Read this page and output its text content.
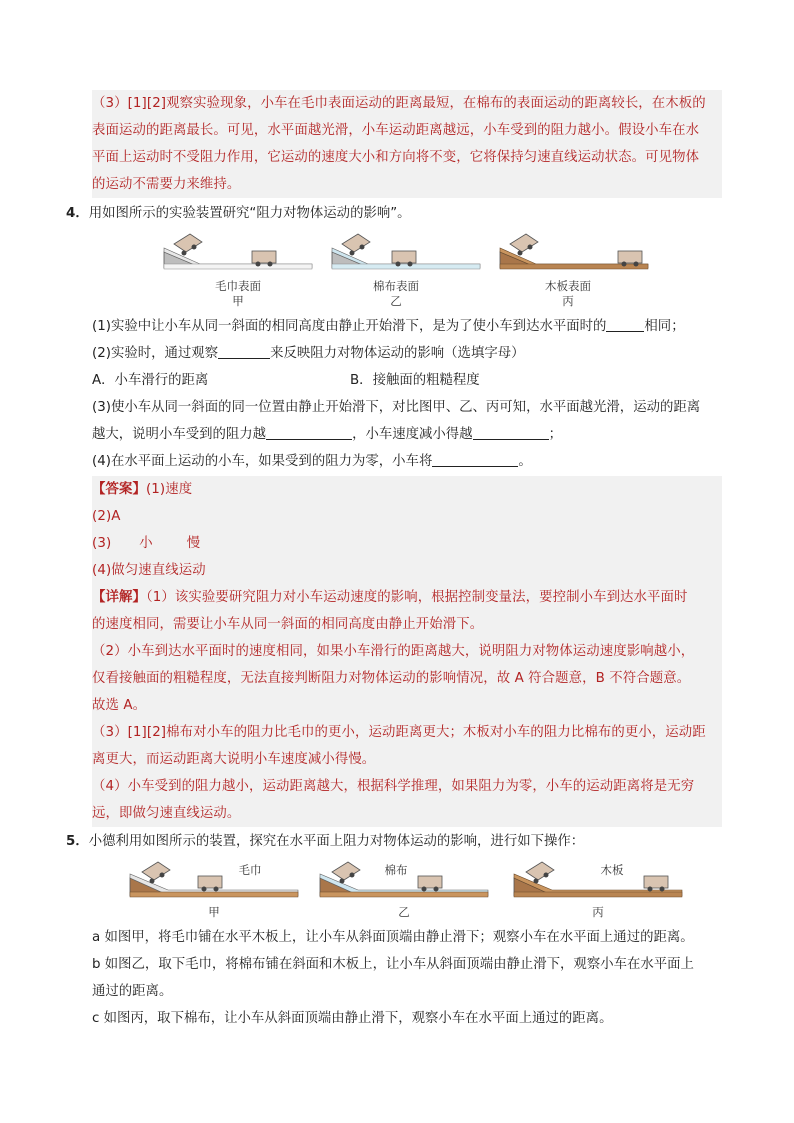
（3）[1][2]观察实验现象，小车在毛巾表面运动的距离最短，在棉布的表面运动的距离较长，在木板的
表面运动的距离最长。可见，水平面越光滑，小车运动距离越远，小车受到的阻力越小。假设小车在水
平面上运动时不受阻力作用，它运动的速度大小和方向将不变，它将保持匀速直线运动状态。可见物体
的运动不需要力来维持。
4．用如图所示的实验装置研究“阻力对物体运动的影响”。
毛巾表面
甲
棉布表面
乙
木板表面
丙
(1)实验中让小车从同一斜面的相同高度由静止开始滑下，是为了使小车到达水平面时的	相同；
(2)实验时，通过观察	来反映阻力对物体运动的影响（选填字母）
A．小车滑行的距离	B．接触面的粗糙程度
(3)使小车从同一斜面的同一位置由静止开始滑下，对比图甲、乙、丙可知，水平面越光滑，运动的距离
越大，说明小车受到的阻力越	，小车速度减小得越	；
(4)在水平面上运动的小车，如果受到的阻力为零，小车将	。
【答案】(1)速度
(2)A
(3) 小	慢
(4)做匀速直线运动
【详解】（1）该实验要研究阻力对小车运动速度的影响，根据控制变量法，要控制小车到达水平面时
的速度相同，需要让小车从同一斜面的相同高度由静止开始滑下。
（2）小车到达水平面时的速度相同，如果小车滑行的距离越大，说明阻力对物体运动速度影响越小，
仅看接触面的粗糙程度，无法直接判断阻力对物体运动的影响情况，故 A 符合题意，B 不符合题意。
故选 A。
（3）[1][2]棉布对小车的阻力比毛巾的更小，运动距离更大；木板对小车的阻力比棉布的更小，运动距
离更大，而运动距离大说明小车速度减小得慢。
（4）小车受到的阻力越小，运动距离越大，根据科学推理，如果阻力为零，小车的运动距离将是无穷
远，即做匀速直线运动。
5．小德利用如图所示的装置，探究在水平面上阻力对物体运动的影响，进行如下操作：
毛巾
甲
棉布
乙
木板
丙
a 如图甲，将毛巾铺在水平木板上，让小车从斜面顶端由静止滑下；观察小车在水平面上通过的距离。
b 如图乙，取下毛巾，将棉布铺在斜面和木板上，让小车从斜面顶端由静止滑下，观察小车在水平面上
通过的距离。
c 如图丙，取下棉布，让小车从斜面顶端由静止滑下，观察小车在水平面上通过的距离。
